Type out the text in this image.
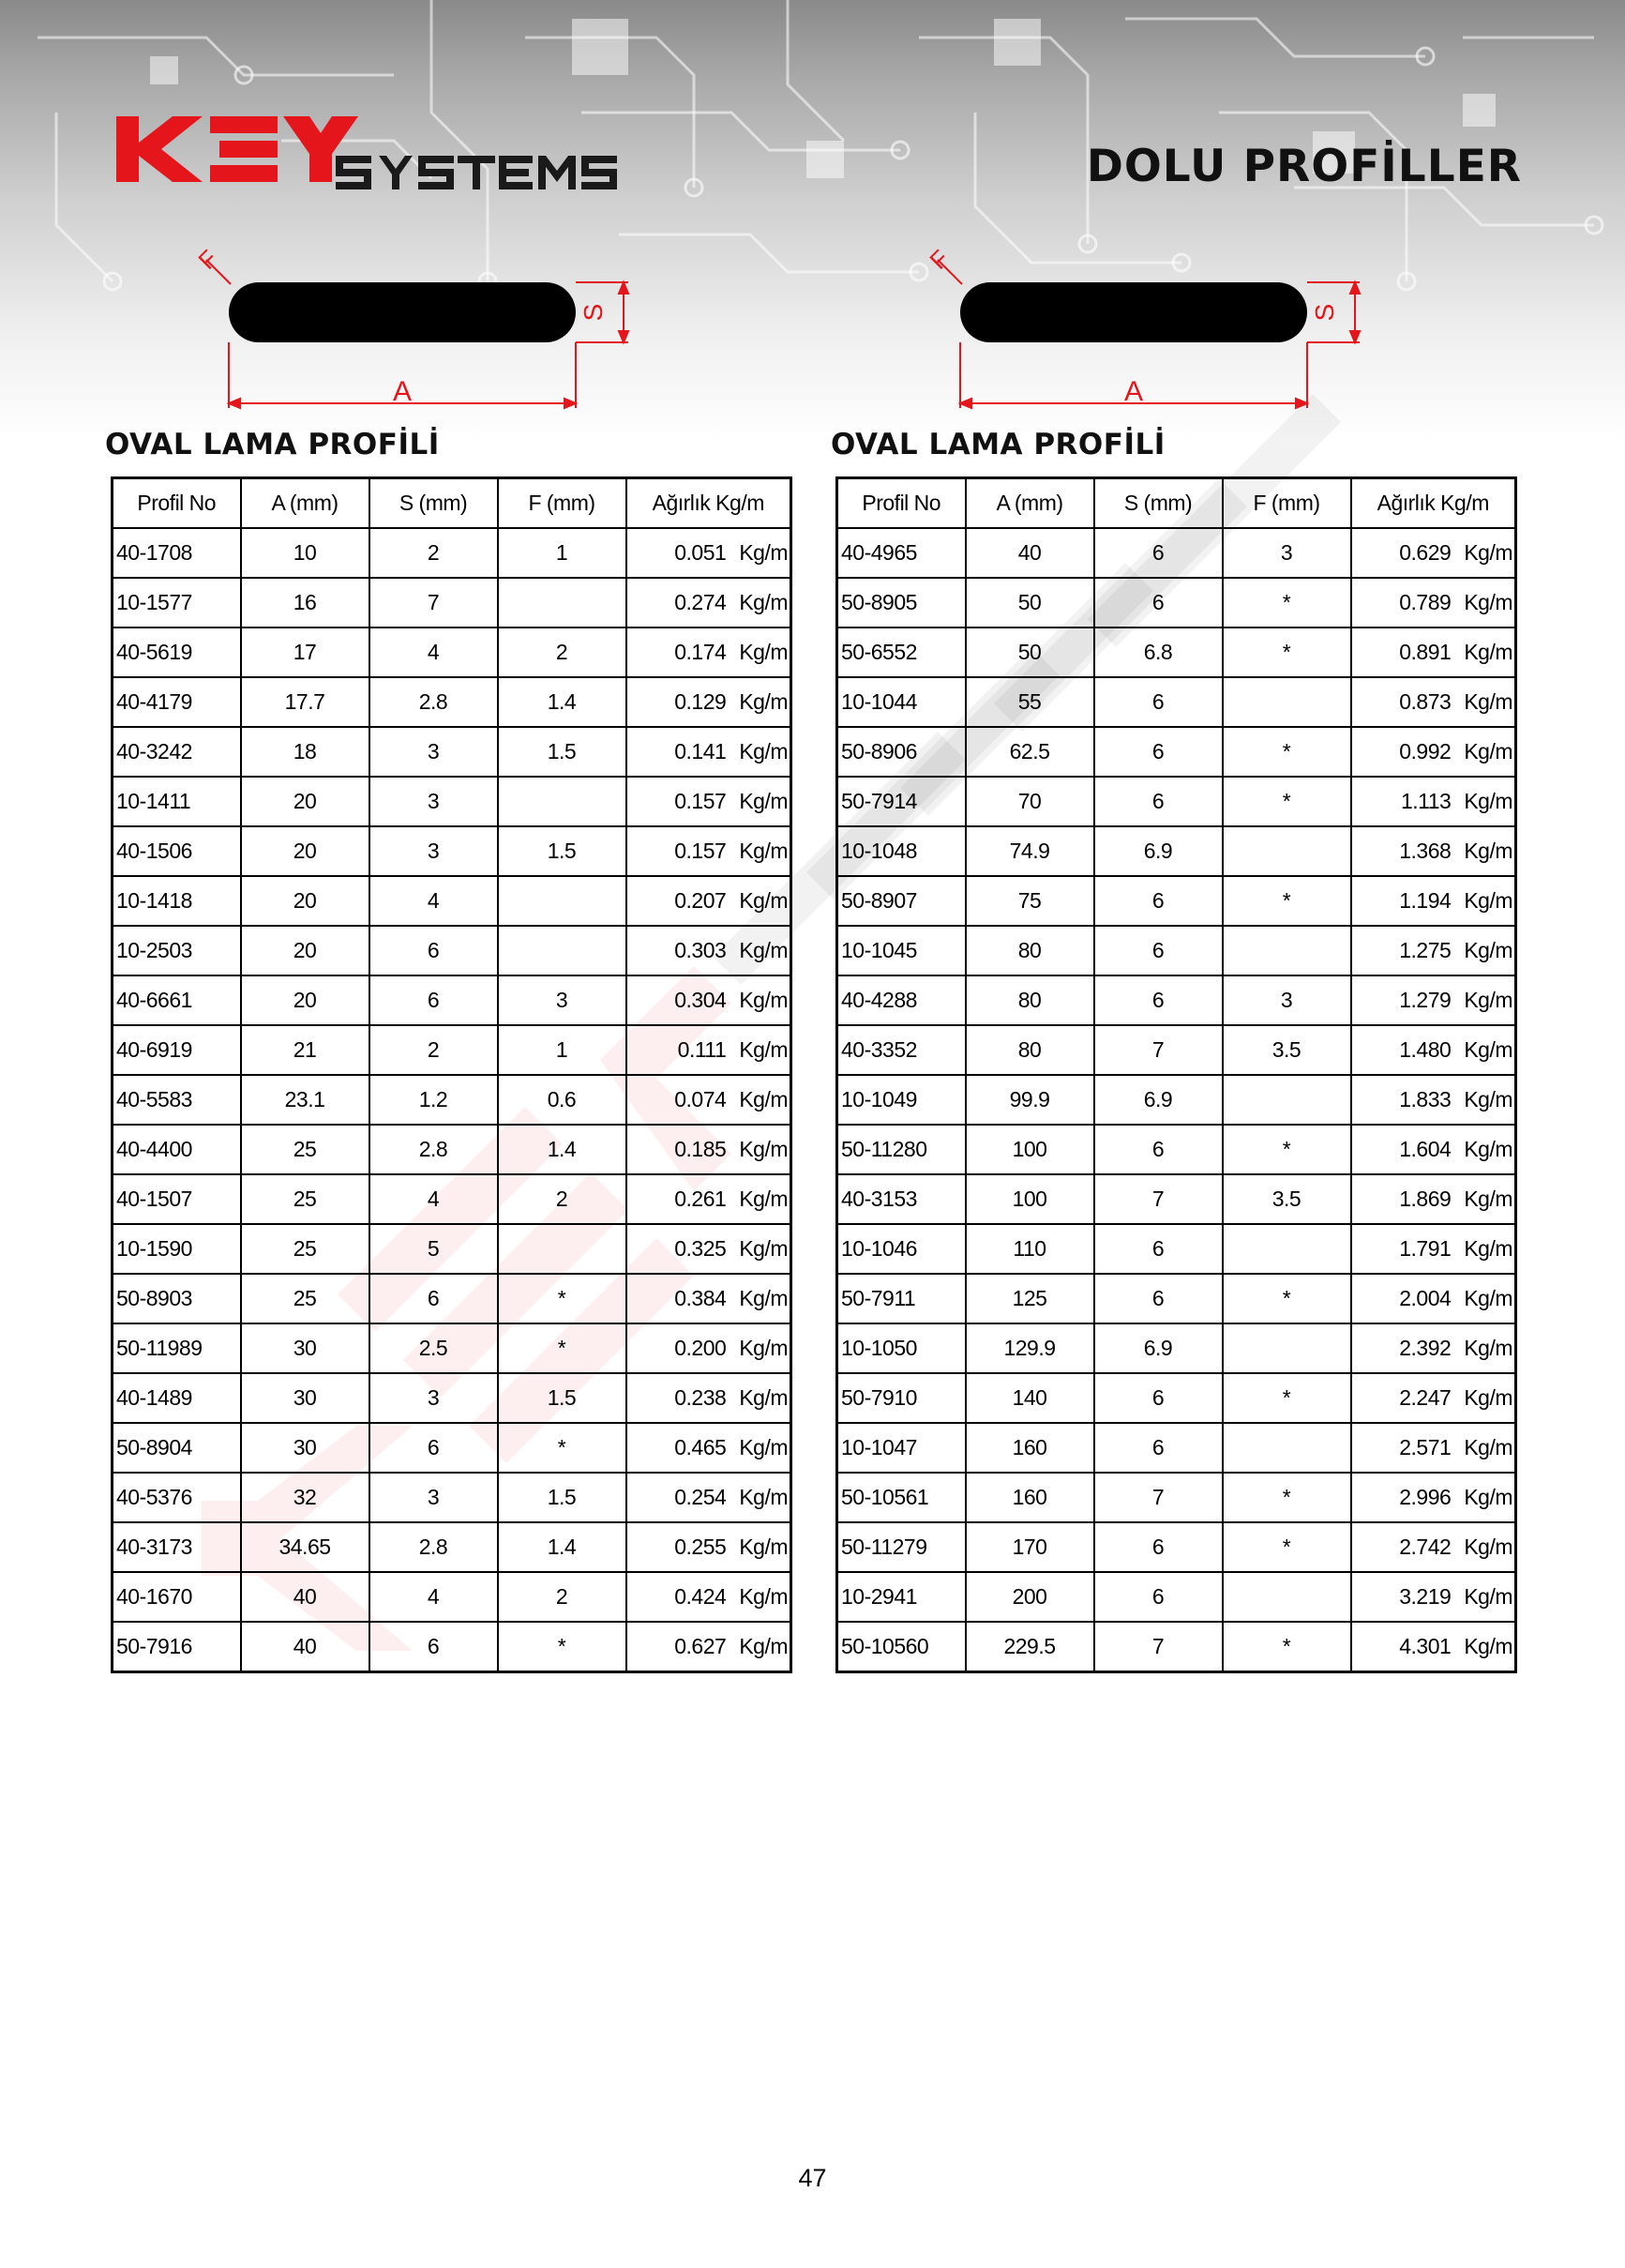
DOLU PROFİLLER
A
S
F
A
S
F
OVAL LAMA PROFİLİ	OVAL LAMA PROFİLİ
Profil No	A (mm)	S (mm)	F (mm)	Ağırlık Kg/m
40-1708	10	2	1	0.051 Kg/m
10-1577	16	7		0.274 Kg/m
40-5619	17	4	2	0.174 Kg/m
40-4179	17.7	2.8	1.4	0.129 Kg/m
40-3242	18	3	1.5	0.141 Kg/m
10-1411	20	3		0.157 Kg/m
40-1506	20	3	1.5	0.157 Kg/m
10-1418	20	4		0.207 Kg/m
10-2503	20	6		0.303 Kg/m
40-6661	20	6	3	0.304 Kg/m
40-6919	21	2	1	0.111 Kg/m
40-5583	23.1	1.2	0.6	0.074 Kg/m
40-4400	25	2.8	1.4	0.185 Kg/m
40-1507	25	4	2	0.261 Kg/m
10-1590	25	5		0.325 Kg/m
50-8903	25	6	*	0.384 Kg/m
50-11989	30	2.5	*	0.200 Kg/m
40-1489	30	3	1.5	0.238 Kg/m
50-8904	30	6	*	0.465 Kg/m
40-5376	32	3	1.5	0.254 Kg/m
40-3173	34.65	2.8	1.4	0.255 Kg/m
40-1670	40	4	2	0.424 Kg/m
50-7916	40	6	*	0.627 Kg/m
Profil No	A (mm)	S (mm)	F (mm)	Ağırlık Kg/m
40-4965	40	6	3	0.629 Kg/m
50-8905	50	6	*	0.789 Kg/m
50-6552	50	6.8	*	0.891 Kg/m
10-1044	55	6		0.873 Kg/m
50-8906	62.5	6	*	0.992 Kg/m
50-7914	70	6	*	1.113 Kg/m
10-1048	74.9	6.9		1.368 Kg/m
50-8907	75	6	*	1.194 Kg/m
10-1045	80	6		1.275 Kg/m
40-4288	80	6	3	1.279 Kg/m
40-3352	80	7	3.5	1.480 Kg/m
10-1049	99.9	6.9		1.833 Kg/m
50-11280	100	6	*	1.604 Kg/m
40-3153	100	7	3.5	1.869 Kg/m
10-1046	110	6		1.791 Kg/m
50-7911	125	6	*	2.004 Kg/m
10-1050	129.9	6.9		2.392 Kg/m
50-7910	140	6	*	2.247 Kg/m
10-1047	160	6		2.571 Kg/m
50-10561	160	7	*	2.996 Kg/m
50-11279	170	6	*	2.742 Kg/m
10-2941	200	6		3.219 Kg/m
50-10560	229.5	7	*	4.301 Kg/m
47
